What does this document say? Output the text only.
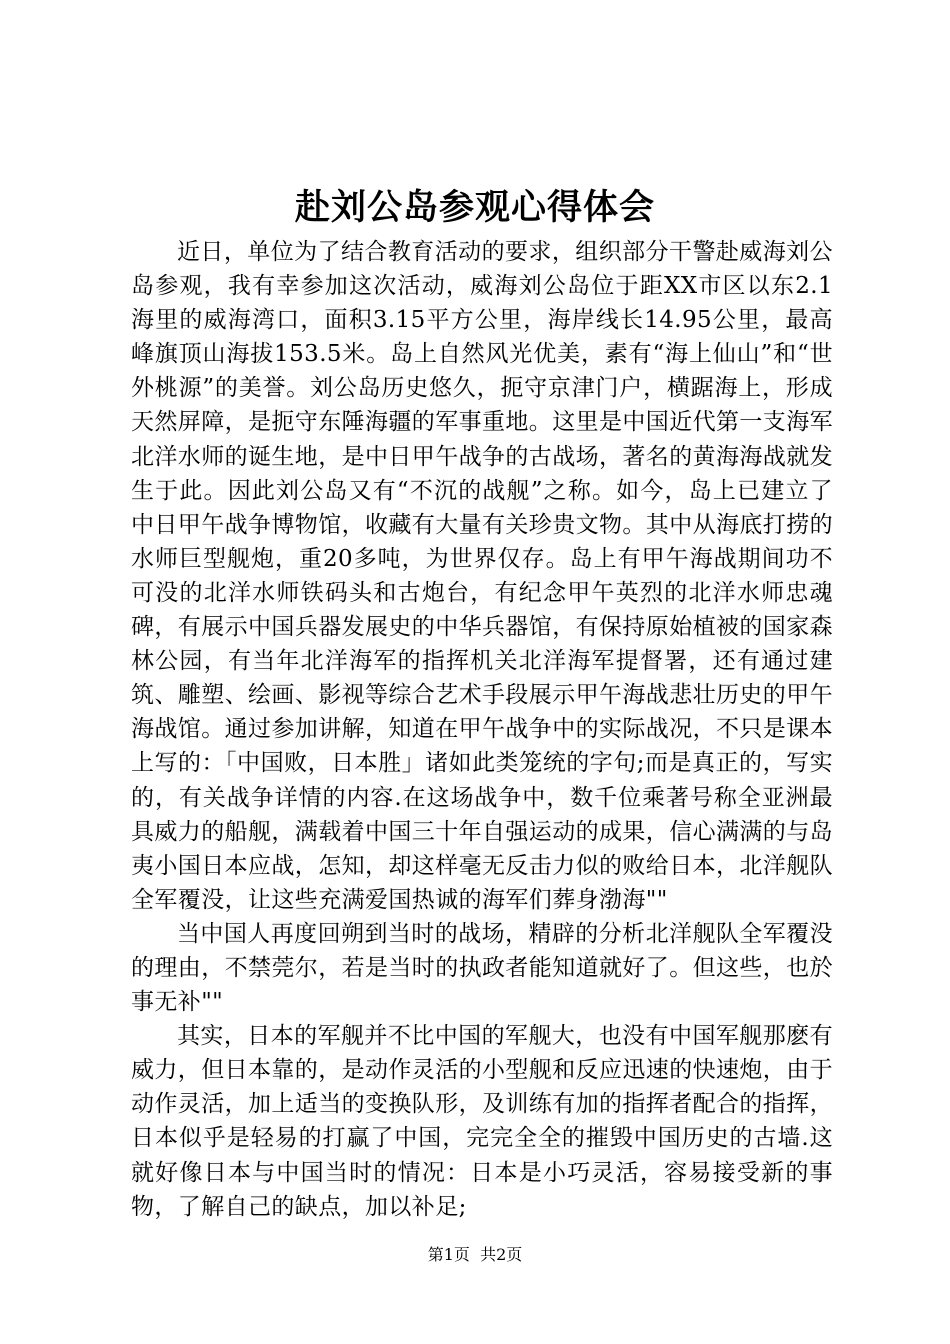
赴刘公岛参观心得体会

近日，单位为了结合教育活动的要求，组织部分干警赴威海刘公岛参观，我有幸参加这次活动，威海刘公岛位于距XX市区以东2.1海里的威海湾口，面积3.15平方公里，海岸线长14.95公里，最高峰旗顶山海拔153.5米。岛上自然风光优美，素有“海上仙山”和“世外桃源”的美誉。刘公岛历史悠久，扼守京津门户，横踞海上，形成天然屏障，是扼守东陲海疆的军事重地。这里是中国近代第一支海军北洋水师的诞生地，是中日甲午战争的古战场，著名的黄海海战就发生于此。因此刘公岛又有“不沉的战舰”之称。如今，岛上已建立了中日甲午战争博物馆，收藏有大量有关珍贵文物。其中从海底打捞的水师巨型舰炮，重20多吨，为世界仅存。岛上有甲午海战期间功不可没的北洋水师铁码头和古炮台，有纪念甲午英烈的北洋水师忠魂碑，有展示中国兵器发展史的中华兵器馆，有保持原始植被的国家森林公园，有当年北洋海军的指挥机关北洋海军提督署，还有通过建筑、雕塑、绘画、影视等综合艺术手段展示甲午海战悲壮历史的甲午海战馆。通过参加讲解，知道在甲午战争中的实际战况，不只是课本上写的：「中国败，日本胜」诸如此类笼统的字句;而是真正的，写实的，有关战争详情的内容.在这场战争中，数千位乘著号称全亚洲最具威力的船舰，满载着中国三十年自强运动的成果，信心满满的与岛夷小国日本应战，怎知，却这样毫无反击力似的败给日本，北洋舰队全军覆没，让这些充满爱国热诚的海军们葬身渤海""

当中国人再度回朔到当时的战场，精辟的分析北洋舰队全军覆没的理由，不禁莞尔，若是当时的执政者能知道就好了。但这些，也於事无补""

其实，日本的军舰并不比中国的军舰大，也没有中国军舰那麽有威力，但日本靠的，是动作灵活的小型舰和反应迅速的快速炮，由于动作灵活，加上适当的变换队形，及训练有加的指挥者配合的指挥，日本似乎是轻易的打赢了中国，完完全全的摧毁中国历史的古墙.这就好像日本与中国当时的情况：日本是小巧灵活，容易接受新的事物，了解自己的缺点，加以补足;

第1页  共2页
